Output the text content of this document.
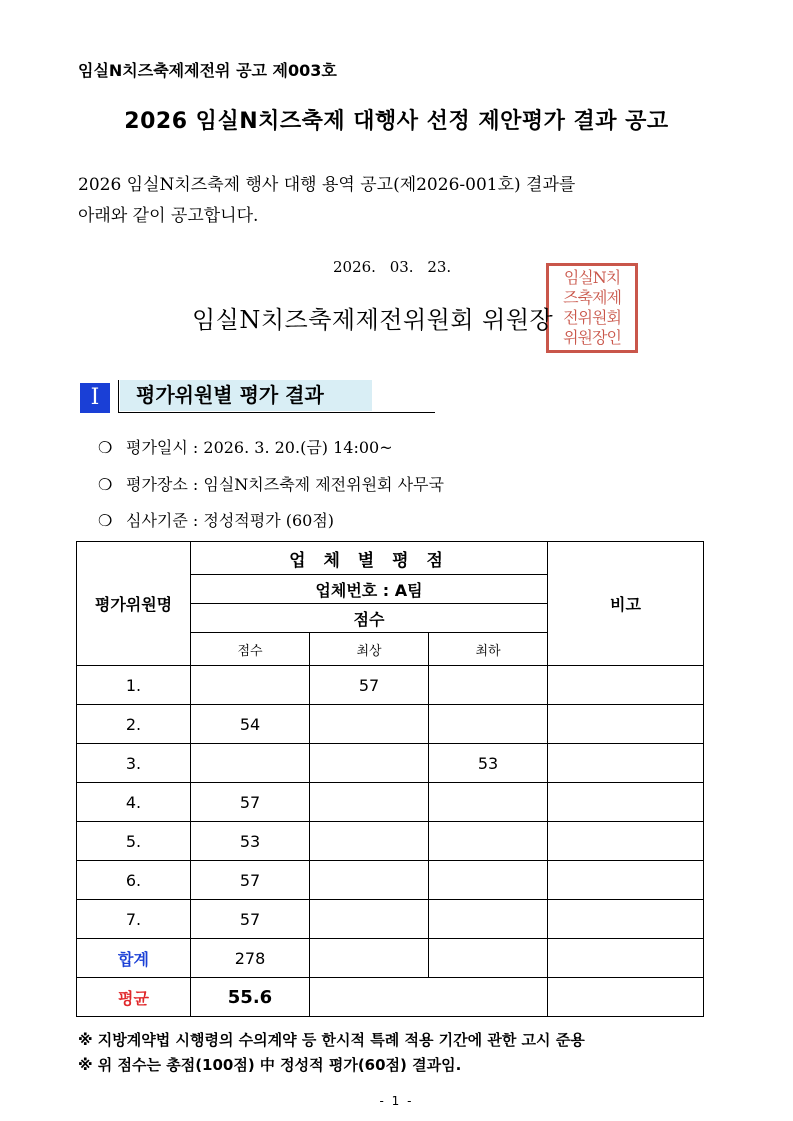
임실N치즈축제제전위 공고 제003호
2026 임실N치즈축제 대행사 선정 제안평가 결과 공고
2026 임실N치즈축제 행사 대행 용역 공고(제2026-001호) 결과를
아래와 같이 공고합니다.
2026. 03. 23.
임실N치
즈축제제
전위원회
위원장인
임실N치즈축제제전위원회 위원장
Ⅰ	평가위원별 평가 결과
❍ 평가일시 : 2026. 3. 20.(금) 14:00~
❍ 평가장소 : 임실N치즈축제 제전위원회 사무국
❍ 심사기준 : 정성적평가 (60점)
평가위원명	업 체 별 평 점			비고
	업체번호 : A팀			
	점수			
	점수	최상	최하	
1.		57		
2.	54			
3.			53	
4.	57			
5.	53			
6.	57			
7.	57			
합계	278			
평균	55.6			
※ 지방계약법 시행령의 수의계약 등 한시적 특례 적용 기간에 관한 고시 준용
※ 위 점수는 총점(100점) 中 정성적 평가(60점) 결과임.
- 1 -
